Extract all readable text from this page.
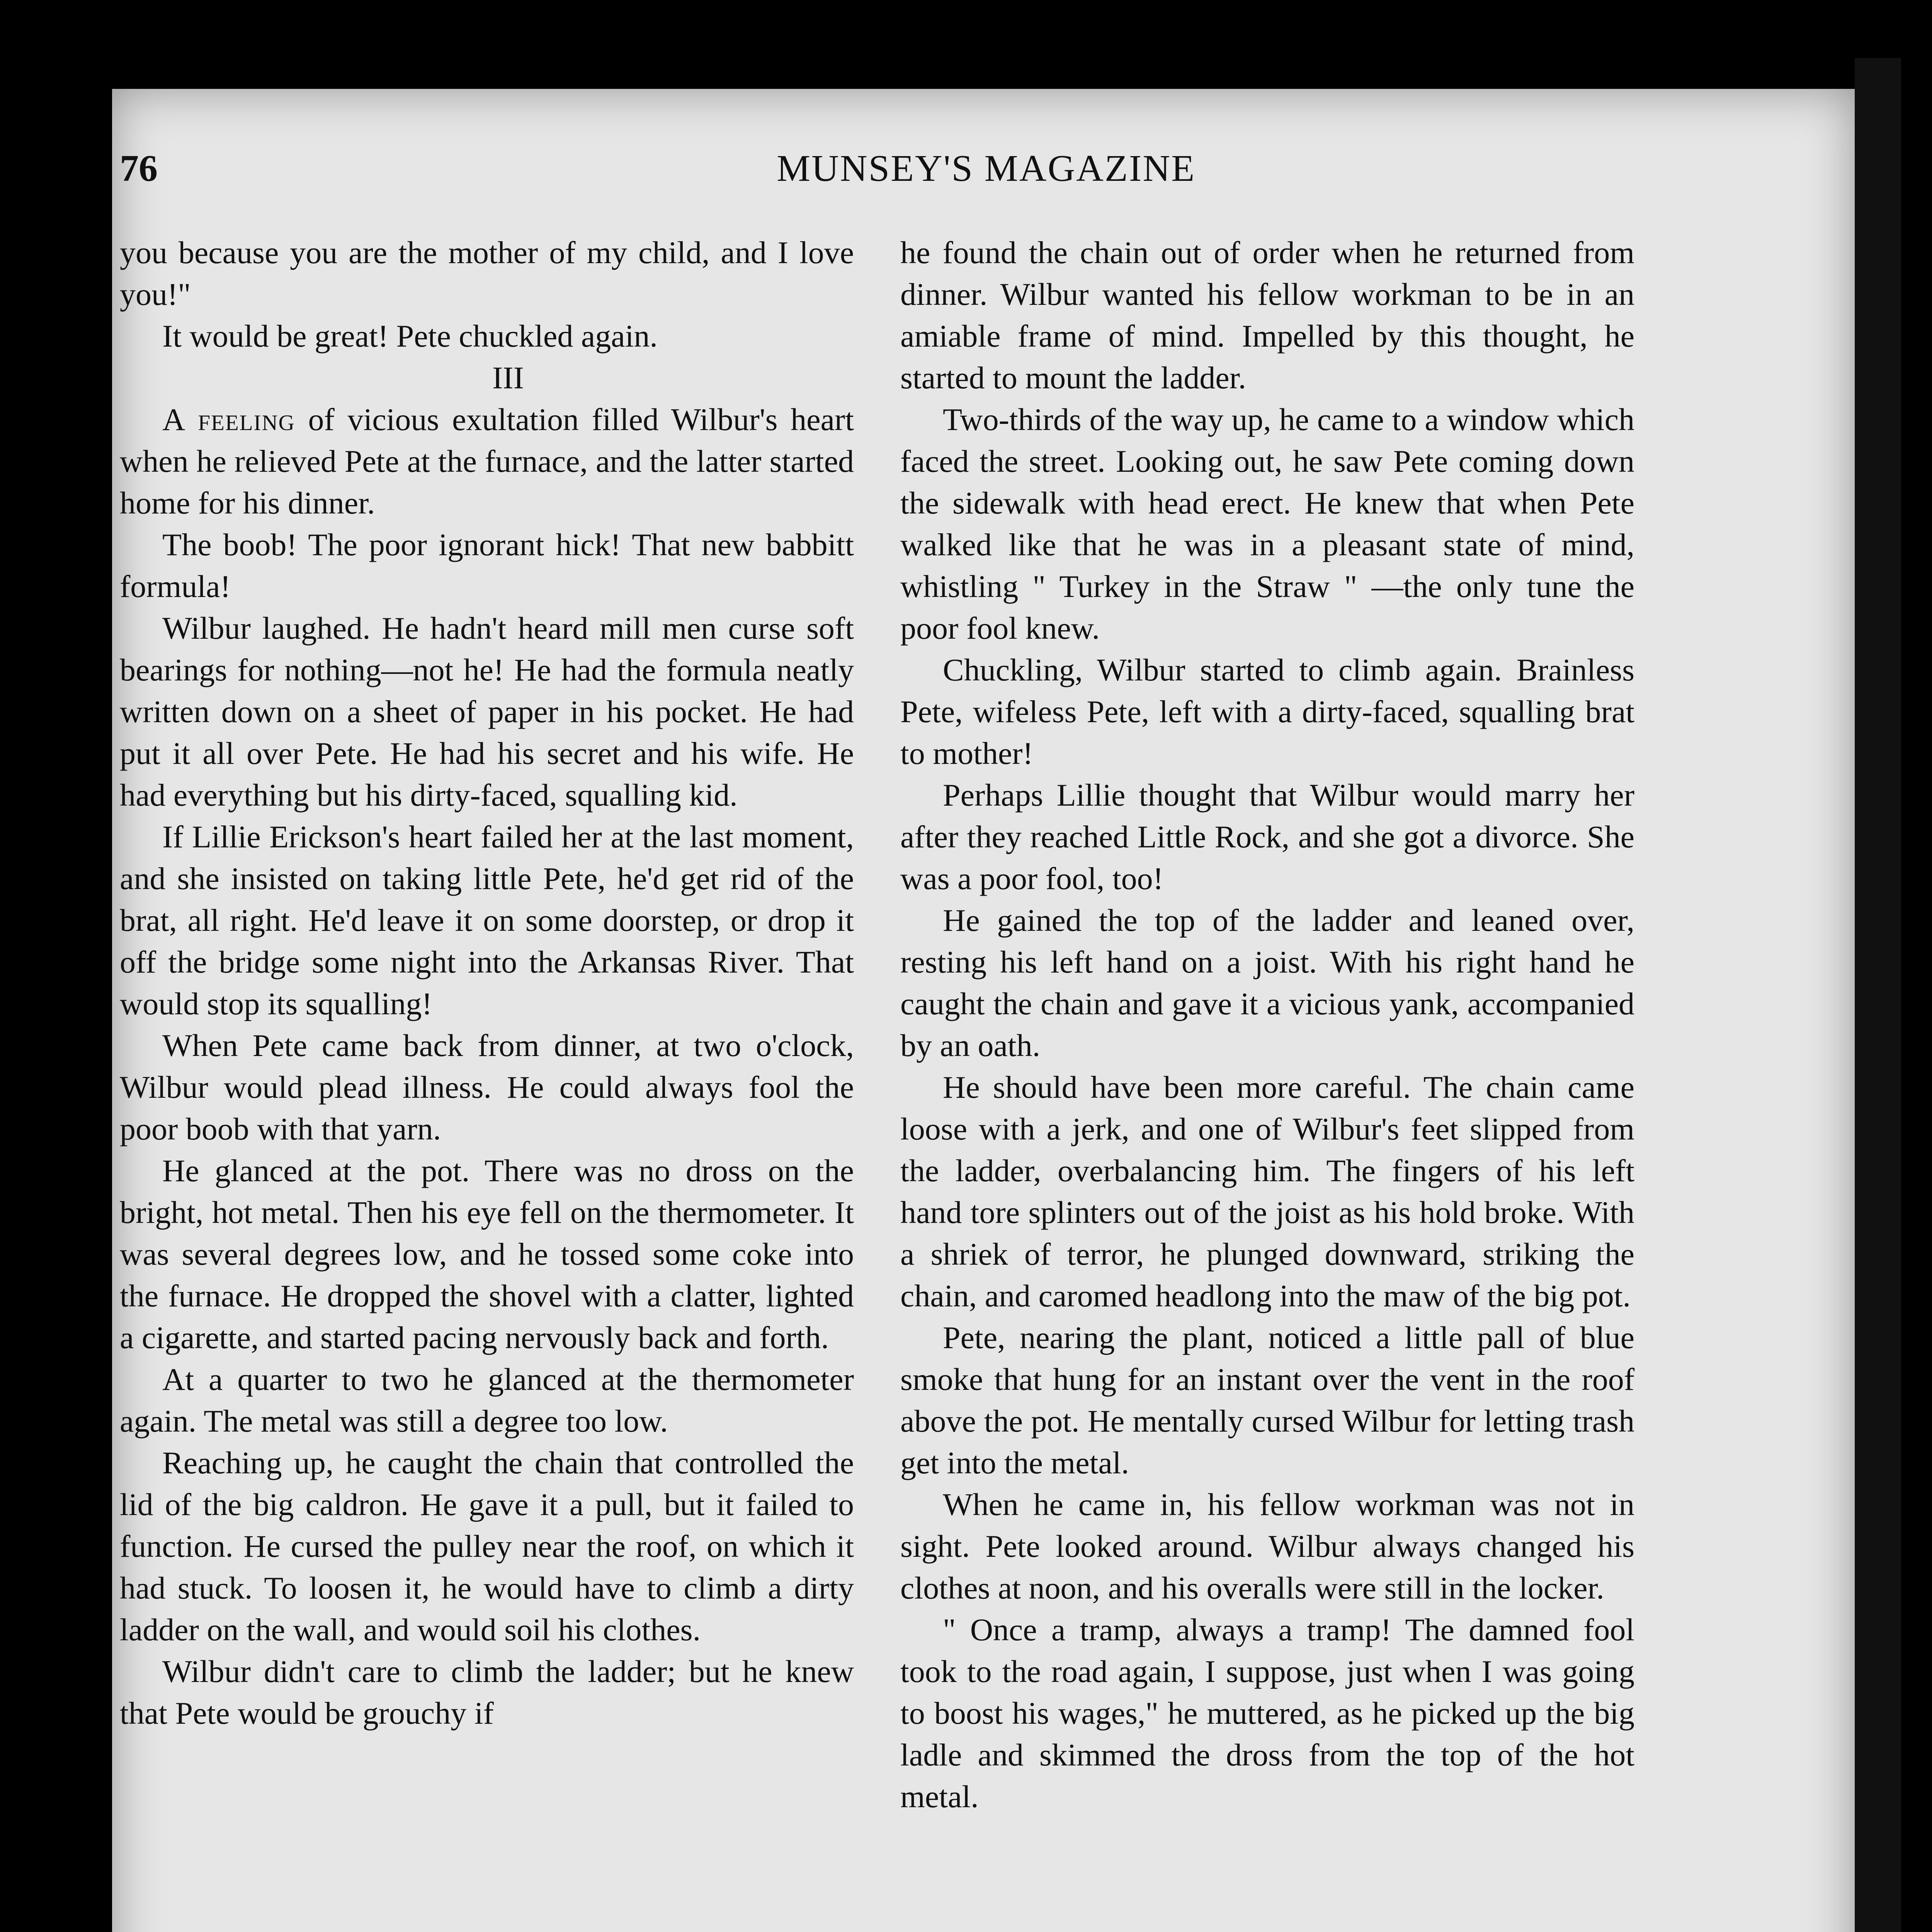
76	MUNSEY'S MAGAZINE

you because you are the mother of my child, and I love you!"

It would be great! Pete chuckled again.

III

A feeling of vicious exultation filled Wilbur's heart when he relieved Pete at the furnace, and the latter started home for his dinner.

The boob! The poor ignorant hick! That new babbitt formula!

Wilbur laughed. He hadn't heard mill men curse soft bearings for nothing—not he! He had the formula neatly written down on a sheet of paper in his pocket. He had put it all over Pete. He had his secret and his wife. He had everything but his dirty-faced, squalling kid.

If Lillie Erickson's heart failed her at the last moment, and she insisted on taking little Pete, he'd get rid of the brat, all right. He'd leave it on some doorstep, or drop it off the bridge some night into the Arkansas River. That would stop its squalling!

When Pete came back from dinner, at two o'clock, Wilbur would plead illness. He could always fool the poor boob with that yarn.

He glanced at the pot. There was no dross on the bright, hot metal. Then his eye fell on the thermometer. It was several degrees low, and he tossed some coke into the furnace. He dropped the shovel with a clatter, lighted a cigarette, and started pacing nervously back and forth.

At a quarter to two he glanced at the thermometer again. The metal was still a degree too low.

Reaching up, he caught the chain that controlled the lid of the big caldron. He gave it a pull, but it failed to function. He cursed the pulley near the roof, on which it had stuck. To loosen it, he would have to climb a dirty ladder on the wall, and would soil his clothes.

Wilbur didn't care to climb the ladder; but he knew that Pete would be grouchy if

he found the chain out of order when he returned from dinner. Wilbur wanted his fellow workman to be in an amiable frame of mind. Impelled by this thought, he started to mount the ladder.

Two-thirds of the way up, he came to a window which faced the street. Looking out, he saw Pete coming down the sidewalk with head erect. He knew that when Pete walked like that he was in a pleasant state of mind, whistling " Turkey in the Straw " —the only tune the poor fool knew.

Chuckling, Wilbur started to climb again. Brainless Pete, wifeless Pete, left with a dirty-faced, squalling brat to mother!

Perhaps Lillie thought that Wilbur would marry her after they reached Little Rock, and she got a divorce. She was a poor fool, too!

He gained the top of the ladder and leaned over, resting his left hand on a joist. With his right hand he caught the chain and gave it a vicious yank, accompanied by an oath.

He should have been more careful. The chain came loose with a jerk, and one of Wilbur's feet slipped from the ladder, overbalancing him. The fingers of his left hand tore splinters out of the joist as his hold broke. With a shriek of terror, he plunged downward, striking the chain, and caromed headlong into the maw of the big pot.

Pete, nearing the plant, noticed a little pall of blue smoke that hung for an instant over the vent in the roof above the pot. He mentally cursed Wilbur for letting trash get into the metal.

When he came in, his fellow workman was not in sight. Pete looked around. Wilbur always changed his clothes at noon, and his overalls were still in the locker.

" Once a tramp, always a tramp! The damned fool took to the road again, I suppose, just when I was going to boost his wages," he muttered, as he picked up the big ladle and skimmed the dross from the top of the hot metal.
